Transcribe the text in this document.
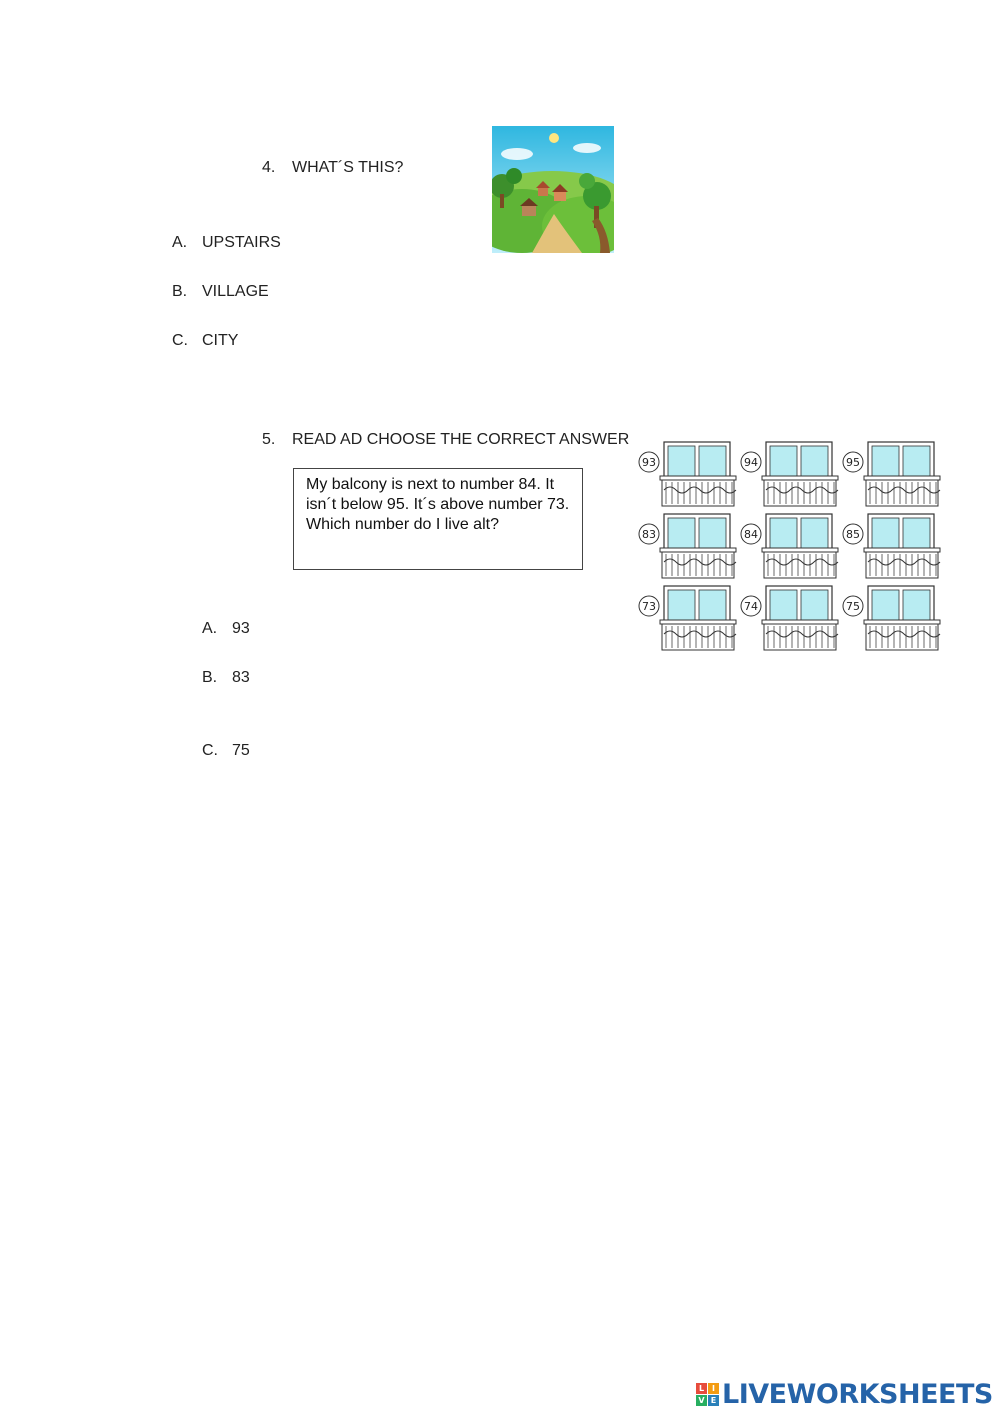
4. WHAT´S THIS?
A. UPSTAIRS
B. VILLAGE
C. CITY
5. READ AD CHOOSE THE CORRECT ANSWER
My balcony is next to number 84. It isn´t below 95. It´s above number 73. Which number do I live alt?
93	94	95
83	84	85
73	74	75
A. 93
B. 83
C. 75
L I
V E LIVEWORKSHEETS
